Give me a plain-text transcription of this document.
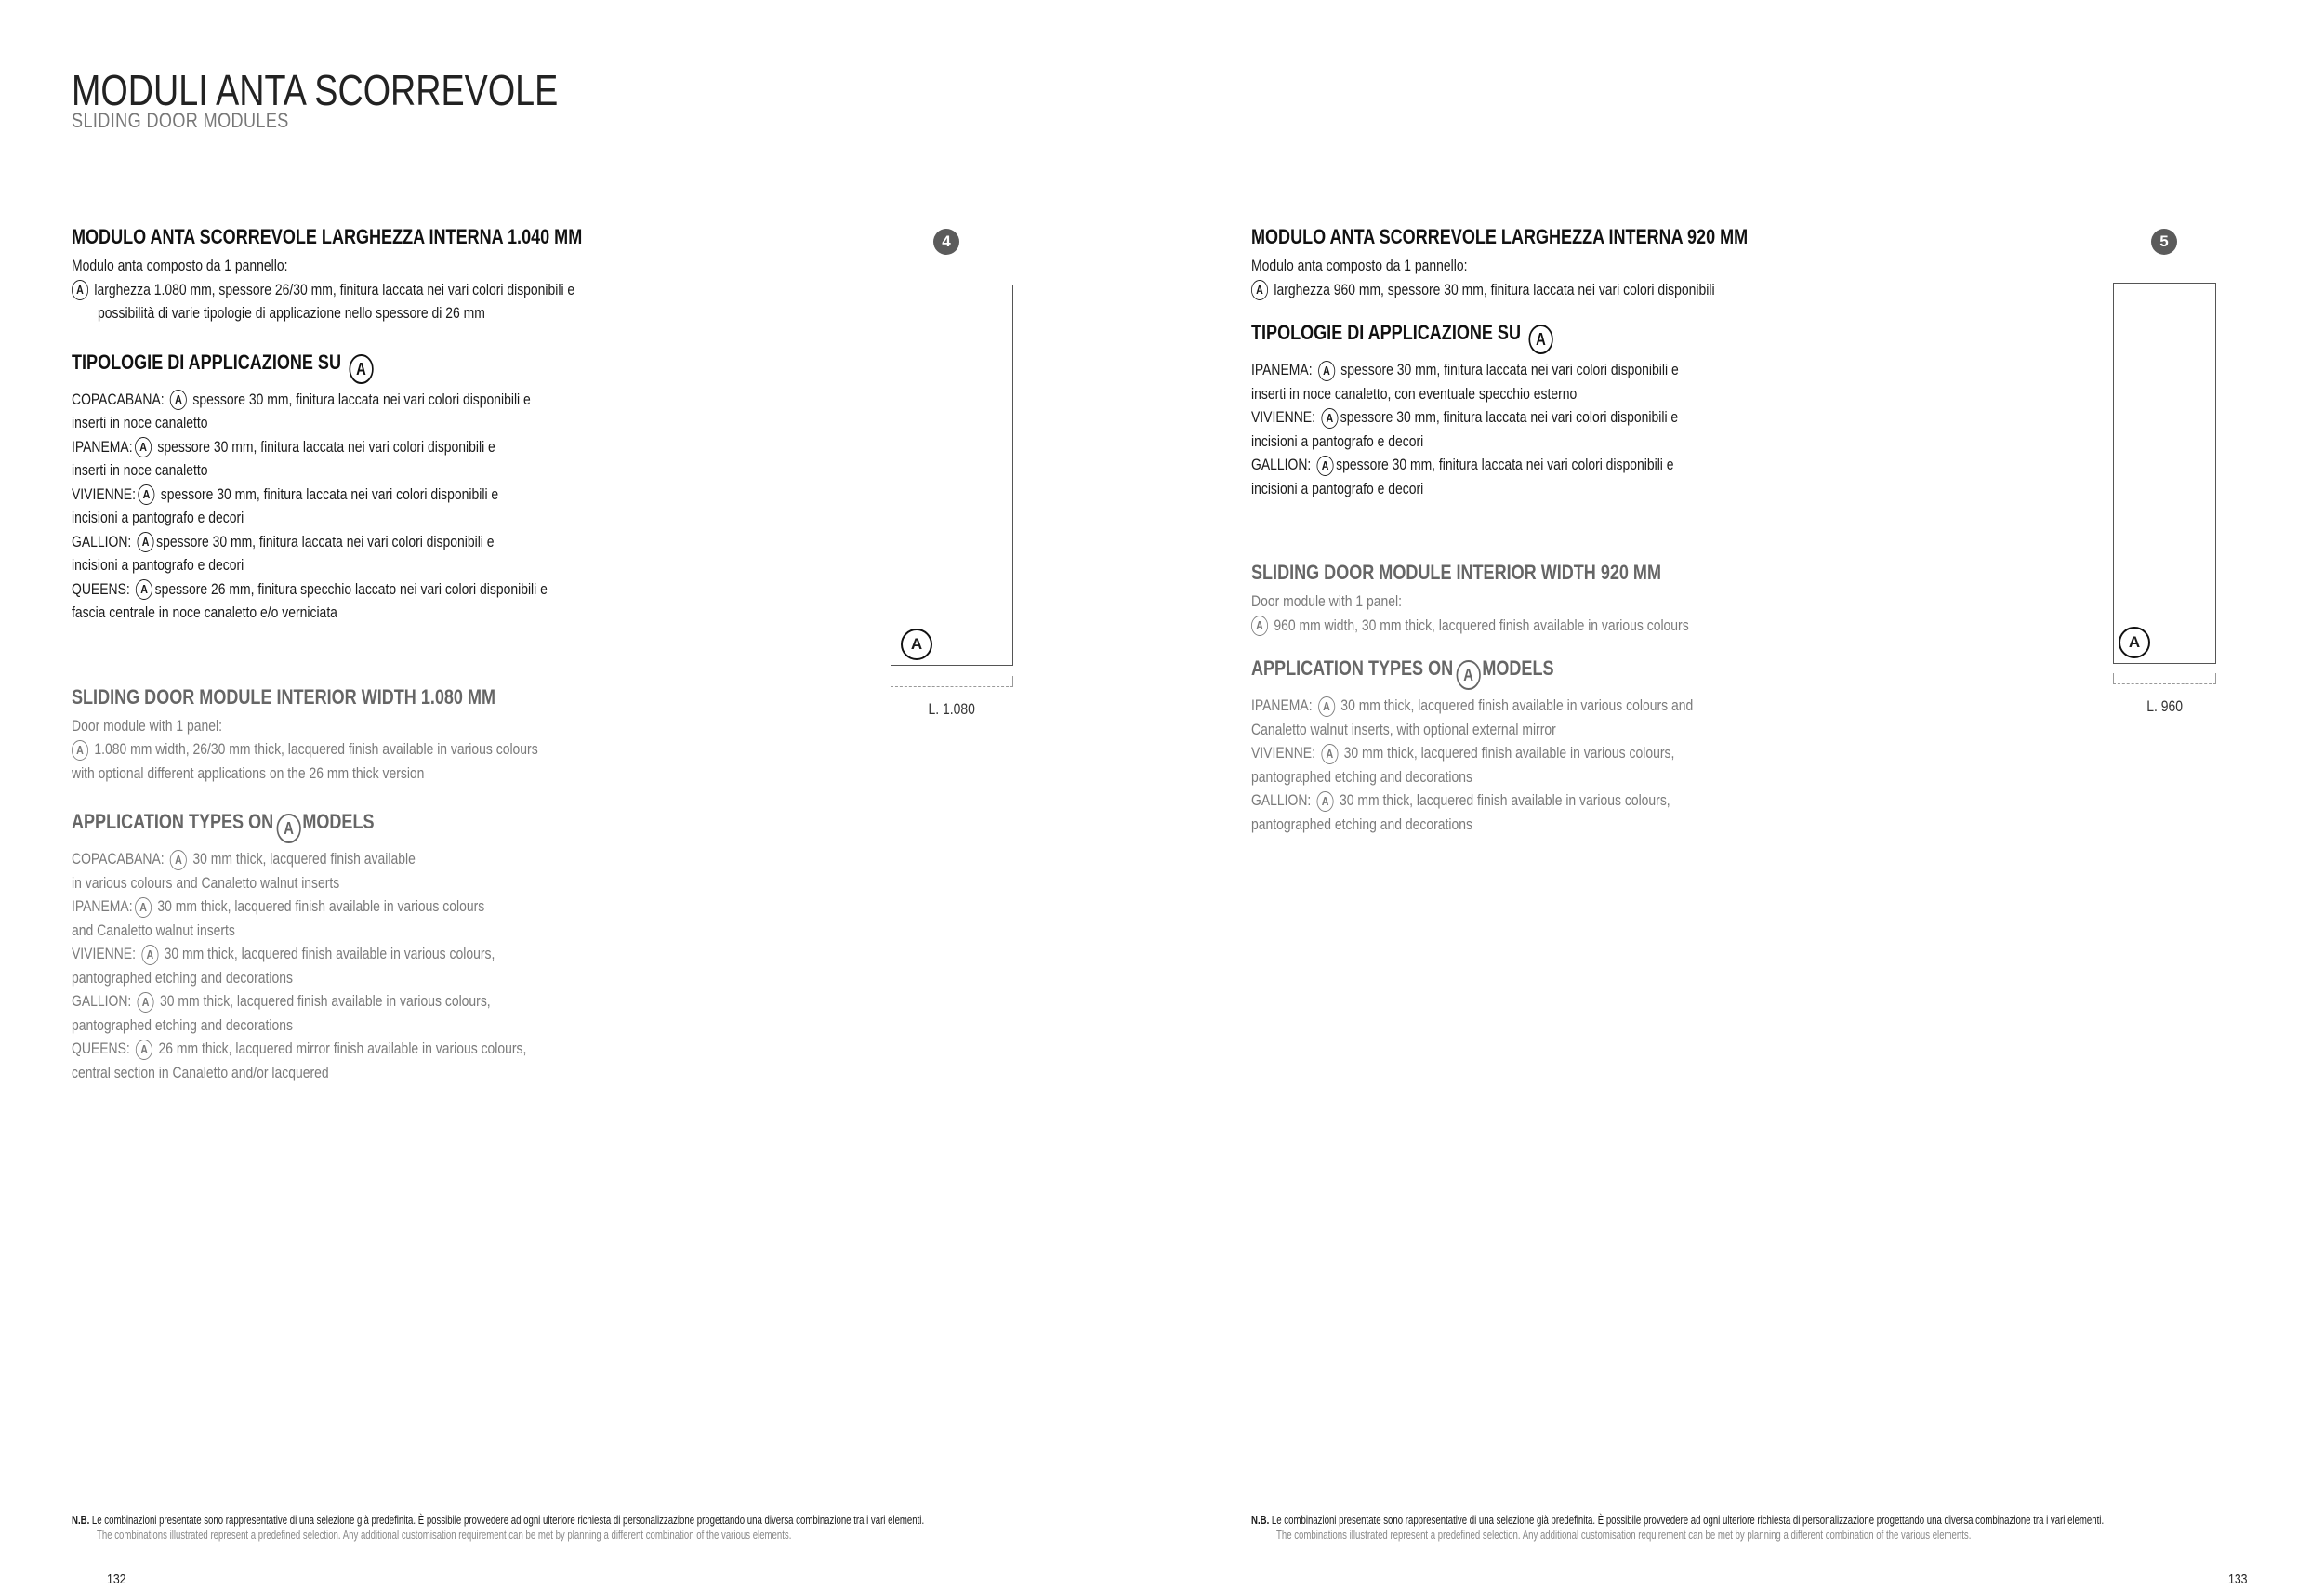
MODULI ANTA SCORREVOLE
SLIDING DOOR MODULES
MODULO ANTA SCORREVOLE LARGHEZZA INTERNA 1.040 MM
Modulo anta composto da 1 pannello:
A larghezza 1.080 mm, spessore 26/30 mm, finitura laccata nei vari colori disponibili e
possibilità di varie tipologie di applicazione nello spessore di 26 mm
TIPOLOGIE DI APPLICAZIONE SU A
COPACABANA: A spessore 30 mm, finitura laccata nei vari colori disponibili e
inserti in noce canaletto
IPANEMA: A spessore 30 mm, finitura laccata nei vari colori disponibili e
inserti in noce canaletto
VIVIENNE: A spessore 30 mm, finitura laccata nei vari colori disponibili e
incisioni a pantografo e decori
GALLION: A spessore 30 mm, finitura laccata nei vari colori disponibili e
incisioni a pantografo e decori
QUEENS: A spessore 26 mm, finitura specchio laccato nei vari colori disponibili e
fascia centrale in noce canaletto e/o verniciata
SLIDING DOOR MODULE INTERIOR WIDTH 1.080 MM
Door module with 1 panel:
A 1.080 mm width, 26/30 mm thick, lacquered finish available in various colours
with optional different applications on the 26 mm thick version
APPLICATION TYPES ON A MODELS
COPACABANA: A 30 mm thick, lacquered finish available
in various colours and Canaletto walnut inserts
IPANEMA: A 30 mm thick, lacquered finish available in various colours
and Canaletto walnut inserts
VIVIENNE: A 30 mm thick, lacquered finish available in various colours,
pantographed etching and decorations
GALLION: A 30 mm thick, lacquered finish available in various colours,
pantographed etching and decorations
QUEENS: A 26 mm thick, lacquered mirror finish available in various colours,
central section in Canaletto and/or lacquered
4
A
L. 1.080
MODULO ANTA SCORREVOLE LARGHEZZA INTERNA 920 MM
Modulo anta composto da 1 pannello:
A larghezza 960 mm, spessore 30 mm, finitura laccata nei vari colori disponibili
TIPOLOGIE DI APPLICAZIONE SU A
IPANEMA: A spessore 30 mm, finitura laccata nei vari colori disponibili e
inserti in noce canaletto, con eventuale specchio esterno
VIVIENNE: A spessore 30 mm, finitura laccata nei vari colori disponibili e
incisioni a pantografo e decori
GALLION: A spessore 30 mm, finitura laccata nei vari colori disponibili e
incisioni a pantografo e decori
SLIDING DOOR MODULE INTERIOR WIDTH 920 MM
Door module with 1 panel:
A 960 mm width, 30 mm thick, lacquered finish available in various colours
APPLICATION TYPES ON A MODELS
IPANEMA: A 30 mm thick, lacquered finish available in various colours and
Canaletto walnut inserts, with optional external mirror
VIVIENNE: A 30 mm thick, lacquered finish available in various colours,
pantographed etching and decorations
GALLION: A 30 mm thick, lacquered finish available in various colours,
pantographed etching and decorations
5
A
L. 960
N.B. Le combinazioni presentate sono rappresentative di una selezione già predefinita. È possibile provvedere ad ogni ulteriore richiesta di personalizzazione progettando una diversa combinazione tra i vari elementi.
The combinations illustrated represent a predefined selection. Any additional customisation requirement can be met by planning a different combination of the various elements.
N.B. Le combinazioni presentate sono rappresentative di una selezione già predefinita. È possibile provvedere ad ogni ulteriore richiesta di personalizzazione progettando una diversa combinazione tra i vari elementi.
The combinations illustrated represent a predefined selection. Any additional customisation requirement can be met by planning a different combination of the various elements.
132	133
